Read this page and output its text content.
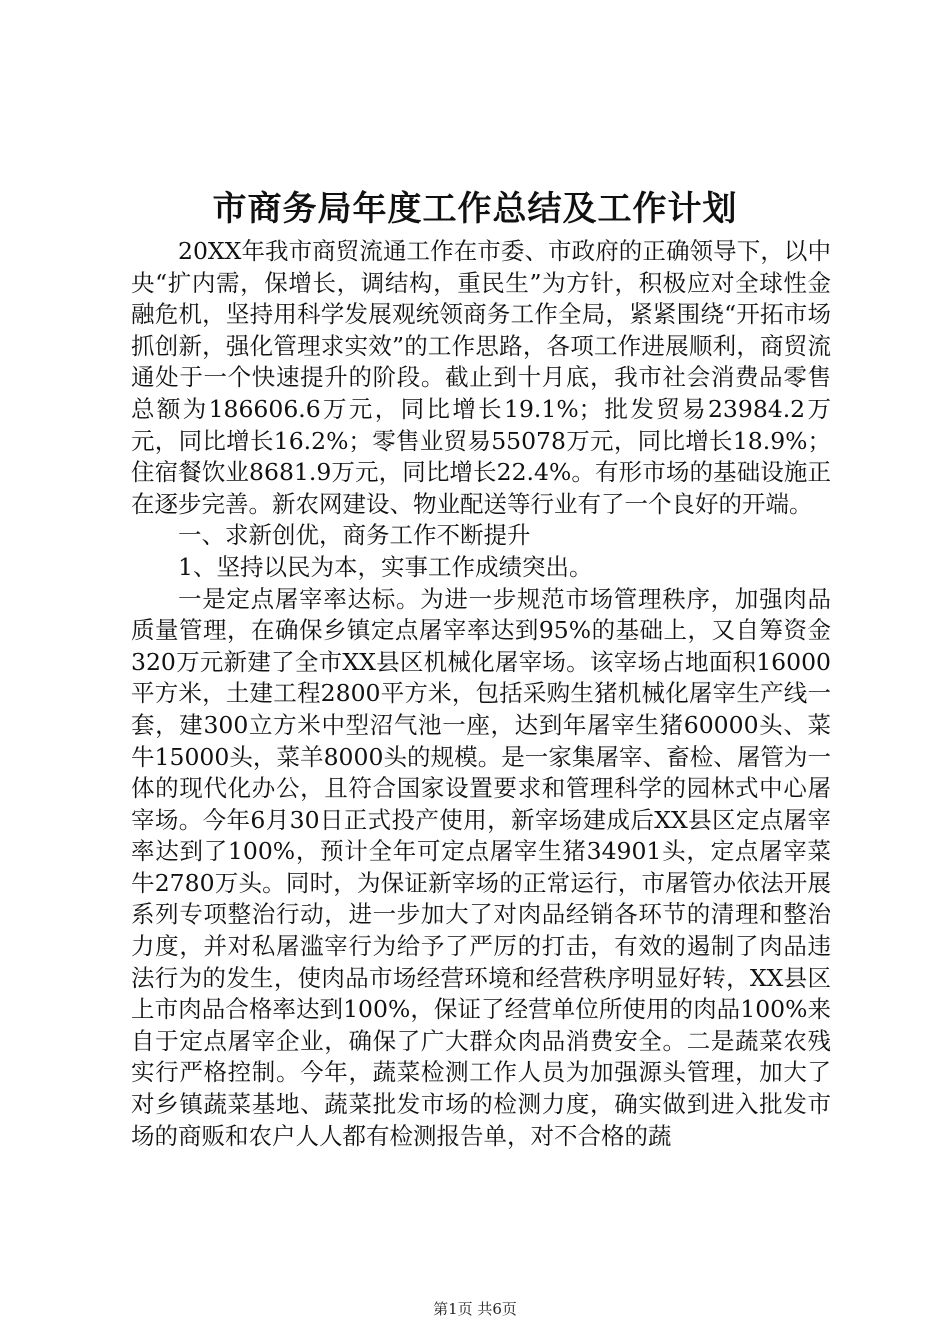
市商务局年度工作总结及工作计划

20XX年我市商贸流通工作在市委、市政府的正确领导下，以中央“扩内需，保增长，调结构，重民生”为方针，积极应对全球性金融危机，坚持用科学发展观统领商务工作全局，紧紧围绕“开拓市场抓创新，强化管理求实效”的工作思路，各项工作进展顺利，商贸流通处于一个快速提升的阶段。截止到十月底，我市社会消费品零售总额为186606.6万元，同比增长19.1%；批发贸易23984.2万元，同比增长16.2%；零售业贸易55078万元，同比增长18.9%；住宿餐饮业8681.9万元，同比增长22.4%。有形市场的基础设施正在逐步完善。新农网建设、物业配送等行业有了一个良好的开端。

一、求新创优，商务工作不断提升

1、坚持以民为本，实事工作成绩突出。

一是定点屠宰率达标。为进一步规范市场管理秩序，加强肉品质量管理，在确保乡镇定点屠宰率达到95%的基础上，又自筹资金320万元新建了全市XX县区机械化屠宰场。该宰场占地面积16000平方米，土建工程2800平方米，包括采购生猪机械化屠宰生产线一套，建300立方米中型沼气池一座，达到年屠宰生猪60000头、菜牛15000头，菜羊8000头的规模。是一家集屠宰、畜检、屠管为一体的现代化办公，且符合国家设置要求和管理科学的园林式中心屠宰场。今年6月30日正式投产使用，新宰场建成后XX县区定点屠宰率达到了100%，预计全年可定点屠宰生猪34901头，定点屠宰菜牛2780万头。同时，为保证新宰场的正常运行，市屠管办依法开展系列专项整治行动，进一步加大了对肉品经销各环节的清理和整治力度，并对私屠滥宰行为给予了严厉的打击，有效的遏制了肉品违法行为的发生，使肉品市场经营环境和经营秩序明显好转，XX县区上市肉品合格率达到100%，保证了经营单位所使用的肉品100%来自于定点屠宰企业，确保了广大群众肉品消费安全。二是蔬菜农残实行严格控制。今年，蔬菜检测工作人员为加强源头管理，加大了对乡镇蔬菜基地、蔬菜批发市场的检测力度，确实做到进入批发市场的商贩和农户人人都有检测报告单，对不合格的蔬

第1页 共6页
